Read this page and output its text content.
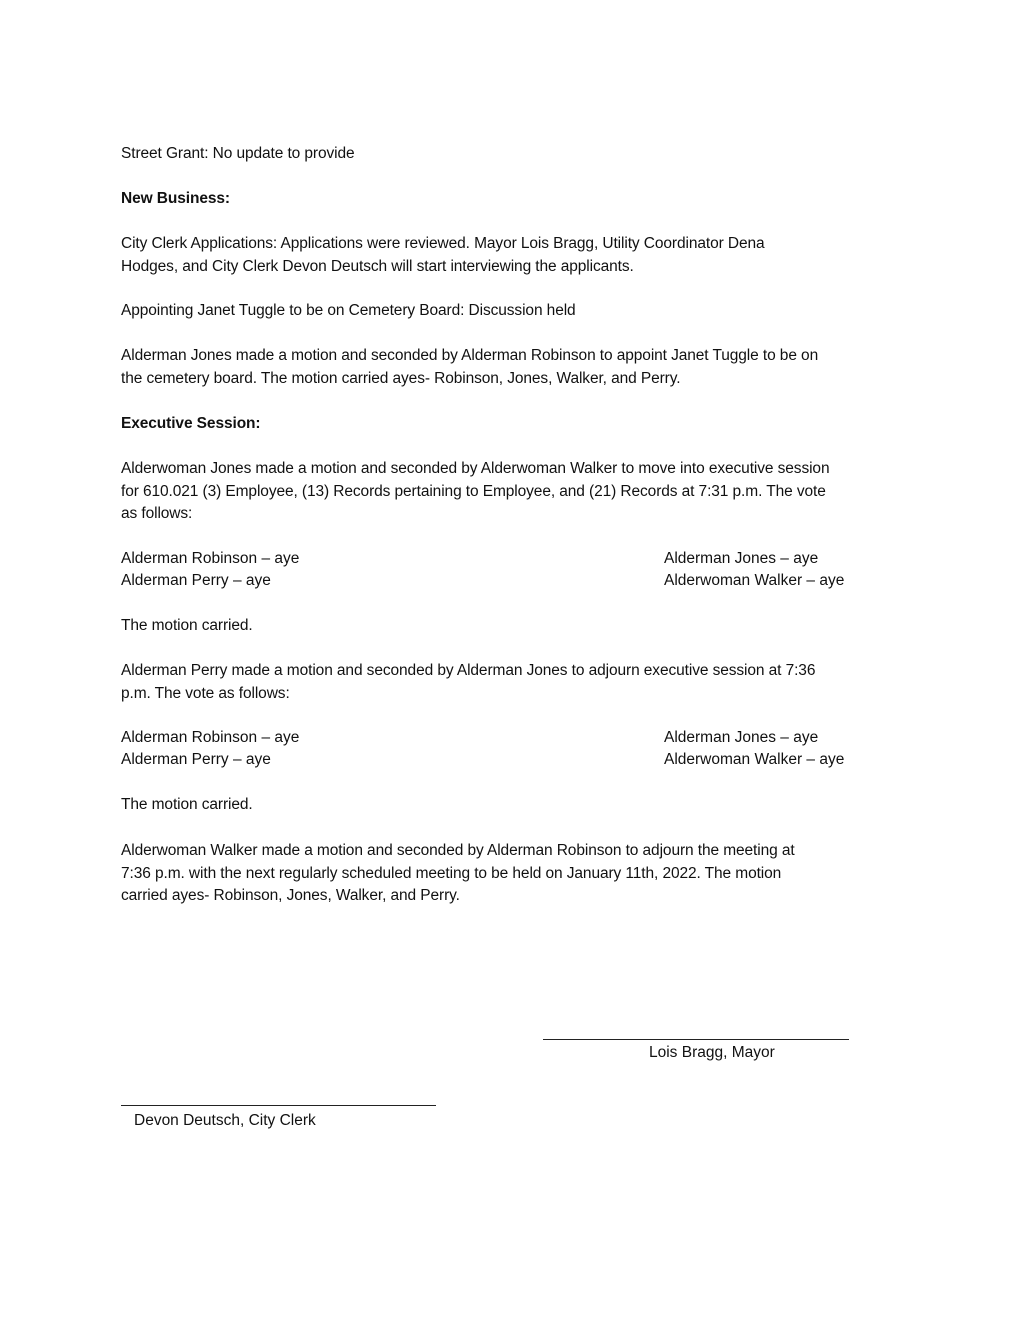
Street Grant: No update to provide
New Business:
City Clerk Applications: Applications were reviewed. Mayor Lois Bragg, Utility Coordinator Dena
Hodges, and City Clerk Devon Deutsch will start interviewing the applicants.
Appointing Janet Tuggle to be on Cemetery Board: Discussion held
Alderman Jones made a motion and seconded by Alderman Robinson to appoint Janet Tuggle to be on
the cemetery board. The motion carried ayes- Robinson, Jones, Walker, and Perry.
Executive Session:
Alderwoman Jones made a motion and seconded by Alderwoman Walker to move into executive session
for 610.021 (3) Employee, (13) Records pertaining to Employee, and (21) Records at 7:31 p.m. The vote
as follows:
Alderman Robinson – aye	Alderman Jones – aye
Alderman Perry – aye	Alderwoman Walker – aye
The motion carried.
Alderman Perry made a motion and seconded by Alderman Jones to adjourn executive session at 7:36
p.m. The vote as follows:
Alderman Robinson – aye	Alderman Jones – aye
Alderman Perry – aye	Alderwoman Walker – aye
The motion carried.
Alderwoman Walker made a motion and seconded by Alderman Robinson to adjourn the meeting at
7:36 p.m. with the next regularly scheduled meeting to be held on January 11th, 2022. The motion
carried ayes- Robinson, Jones, Walker, and Perry.
Lois Bragg, Mayor
Devon Deutsch, City Clerk
